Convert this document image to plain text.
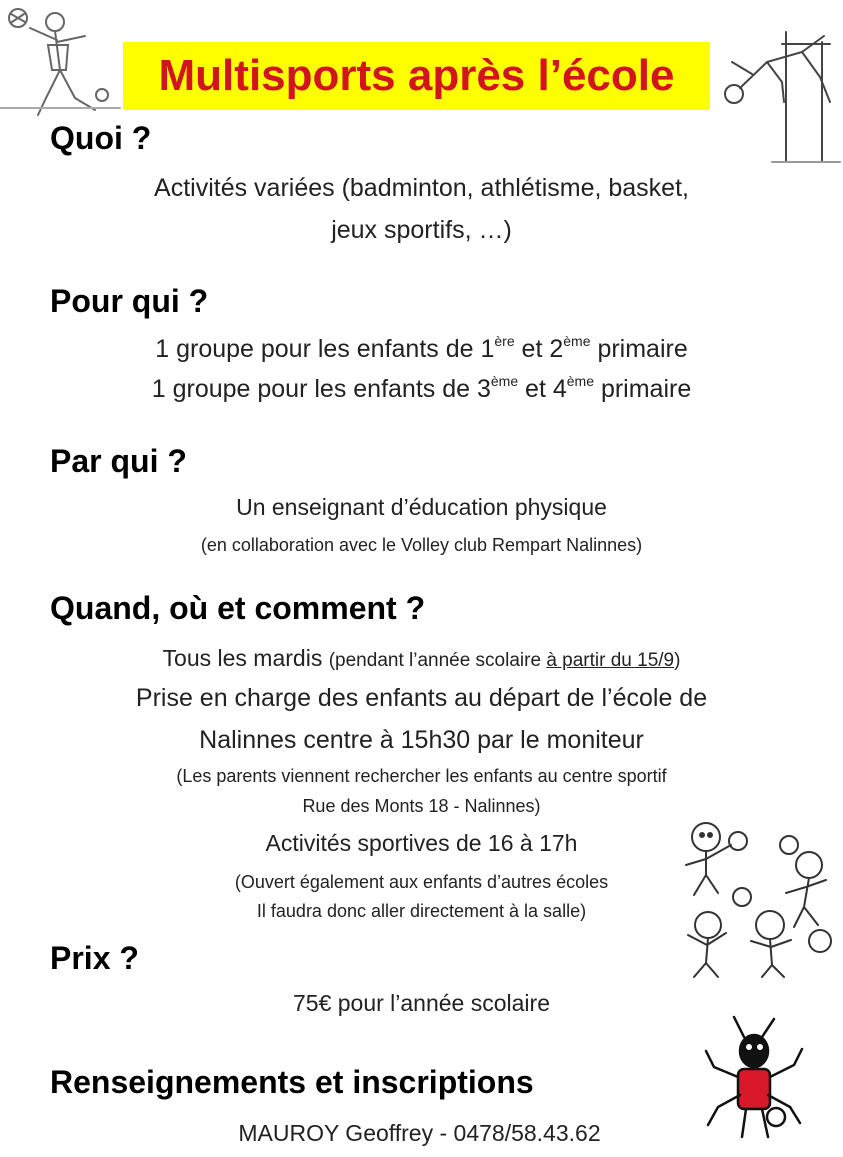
Multisports après l’école
Quoi ?
Activités variées (badminton, athlétisme, basket,
jeux sportifs, …)
Pour qui ?
1 groupe pour les enfants de 1ère et 2ème primaire
1 groupe pour les enfants de 3ème et 4ème primaire
Par qui ?
Un enseignant d’éducation physique
(en collaboration avec le Volley club Rempart Nalinnes)
Quand, où et comment ?
Tous les mardis (pendant l’année scolaire à partir du 15/9)
Prise en charge des enfants au départ de l’école de
Nalinnes centre à 15h30 par le moniteur
(Les parents viennent rechercher les enfants au centre sportif
Rue des Monts 18 - Nalinnes)
Activités sportives de 16 à 17h
(Ouvert également aux enfants d’autres écoles
Il faudra donc aller directement à la salle)
Prix ?
75€ pour l’année scolaire
Renseignements et inscriptions
MAUROY Geoffrey - 0478/58.43.62
